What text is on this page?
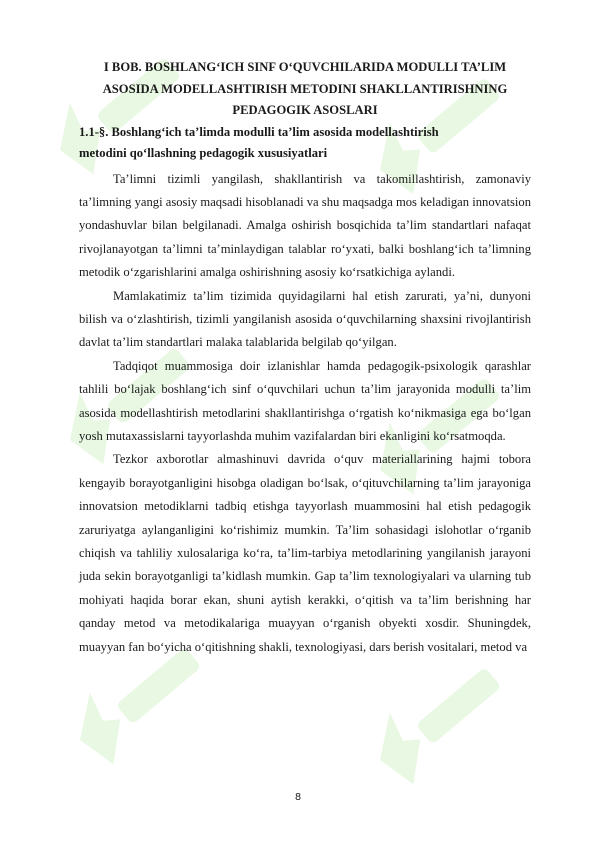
I BOB. BOSHLANG‘ICH SINF O‘QUVCHILARIDA MODULLI TA’LIM
ASOSIDA MODELLASHTIRISH METODINI SHAKLLANTIRISHNING
PEDAGOGIK ASOSLARI
1.1-§. Boshlang‘ich ta’limda modulli ta’lim asosida modellashtirish
metodini qo‘llashning pedagogik xususiyatlari

Ta’limni tizimli yangilash, shakllantirish va takomillashtirish, zamonaviy ta’limning yangi asosiy maqsadi hisoblanadi va shu maqsadga mos keladigan innovatsion yondashuvlar bilan belgilanadi. Amalga oshirish bosqichida ta’lim standartlari nafaqat rivojlanayotgan ta’limni ta’minlaydigan talablar ro‘yxati, balki boshlang‘ich ta’limning metodik o‘zgarishlarini amalga oshirishning asosiy ko‘rsatkichiga aylandi.

Mamlakatimiz ta’lim tizimida quyidagilarni hal etish zarurati, ya’ni, dunyoni bilish va o‘zlashtirish, tizimli yangilanish asosida o‘quvchilarning shaxsini rivojlantirish davlat ta’lim standartlari malaka talablarida belgilab qo‘yilgan.

Tadqiqot muammosiga doir izlanishlar hamda pedagogik-psixologik qarashlar tahlili bo‘lajak boshlang‘ich sinf o‘quvchilari uchun ta’lim jarayonida modulli ta’lim asosida modellashtirish metodlarini shakllantirishga o‘rgatish ko‘nikmasiga ega bo‘lgan yosh mutaxassislarni tayyorlashda muhim vazifalardan biri ekanligini ko‘rsatmoqda.

Tezkor axborotlar almashinuvi davrida o‘quv materiallarining hajmi tobora kengayib borayotganligini hisobga oladigan bo‘lsak, o‘qituvchilarning ta’lim jarayoniga innovatsion metodiklarni tadbiq etishga tayyorlash muammosini hal etish pedagogik zaruriyatga aylanganligini ko‘rishimiz mumkin. Ta’lim sohasidagi islohotlar o‘rganib chiqish va tahliliy xulosalariga ko‘ra, ta’lim-tarbiya metodlarining yangilanish jarayoni juda sekin borayotganligi ta’kidlash mumkin. Gap ta’lim texnologiyalari va ularning tub mohiyati haqida borar ekan, shuni aytish kerakki, o‘qitish va ta’lim berishning har qanday metod va metodikalariga muayyan o‘rganish obyekti xosdir. Shuningdek, muayyan fan bo‘yicha o‘qitishning shakli, texnologiyasi, dars berish vositalari, metod va

8
